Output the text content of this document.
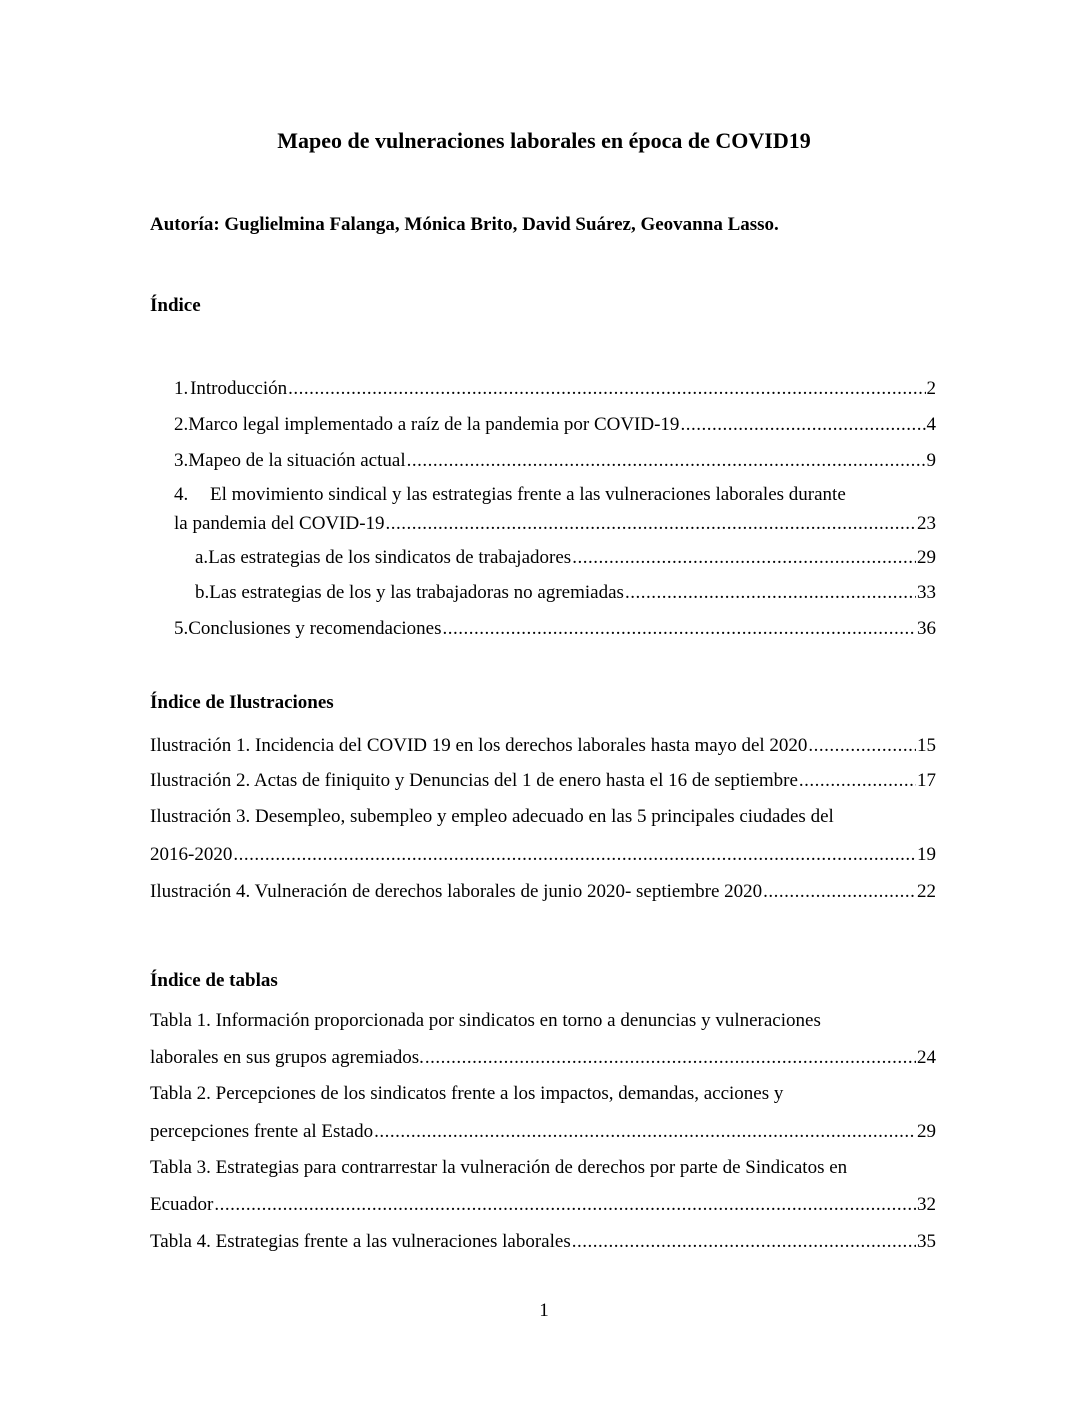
Mapeo de vulneraciones laborales en época de COVID19
Autoría: Guglielmina Falanga, Mónica Brito, David Suárez, Geovanna Lasso.
Índice
1. Introducción .....	2
2. Marco legal implementado a raíz de la pandemia por COVID-19 .....	4
3. Mapeo de la situación actual .....	9
4. El movimiento sindical y las estrategias frente a las vulneraciones laborales durante
la pandemia del COVID-19 .....	23
a. Las estrategias de los sindicatos de trabajadores .....	29
b. Las estrategias de los y las trabajadoras no agremiadas .....	33
5. Conclusiones y recomendaciones .....	36
Índice de Ilustraciones
Ilustración 1. Incidencia del COVID 19 en los derechos laborales hasta mayo del 2020 .....	15
Ilustración 2. Actas de finiquito y Denuncias del 1 de enero hasta el 16 de septiembre .....	17
Ilustración 3. Desempleo, subempleo y empleo adecuado en las 5 principales ciudades del
2016-2020 .....	19
Ilustración 4. Vulneración de derechos laborales de junio 2020- septiembre 2020 .....	22
Índice de tablas
Tabla 1. Información proporcionada por sindicatos en torno a denuncias y vulneraciones
laborales en sus grupos agremiados. .....	24
Tabla 2. Percepciones de los sindicatos frente a los impactos, demandas, acciones y
percepciones frente al Estado .....	29
Tabla 3. Estrategias para contrarrestar la vulneración de derechos por parte de Sindicatos en
Ecuador .....	32
Tabla 4. Estrategias frente a las vulneraciones laborales .....	35
1
